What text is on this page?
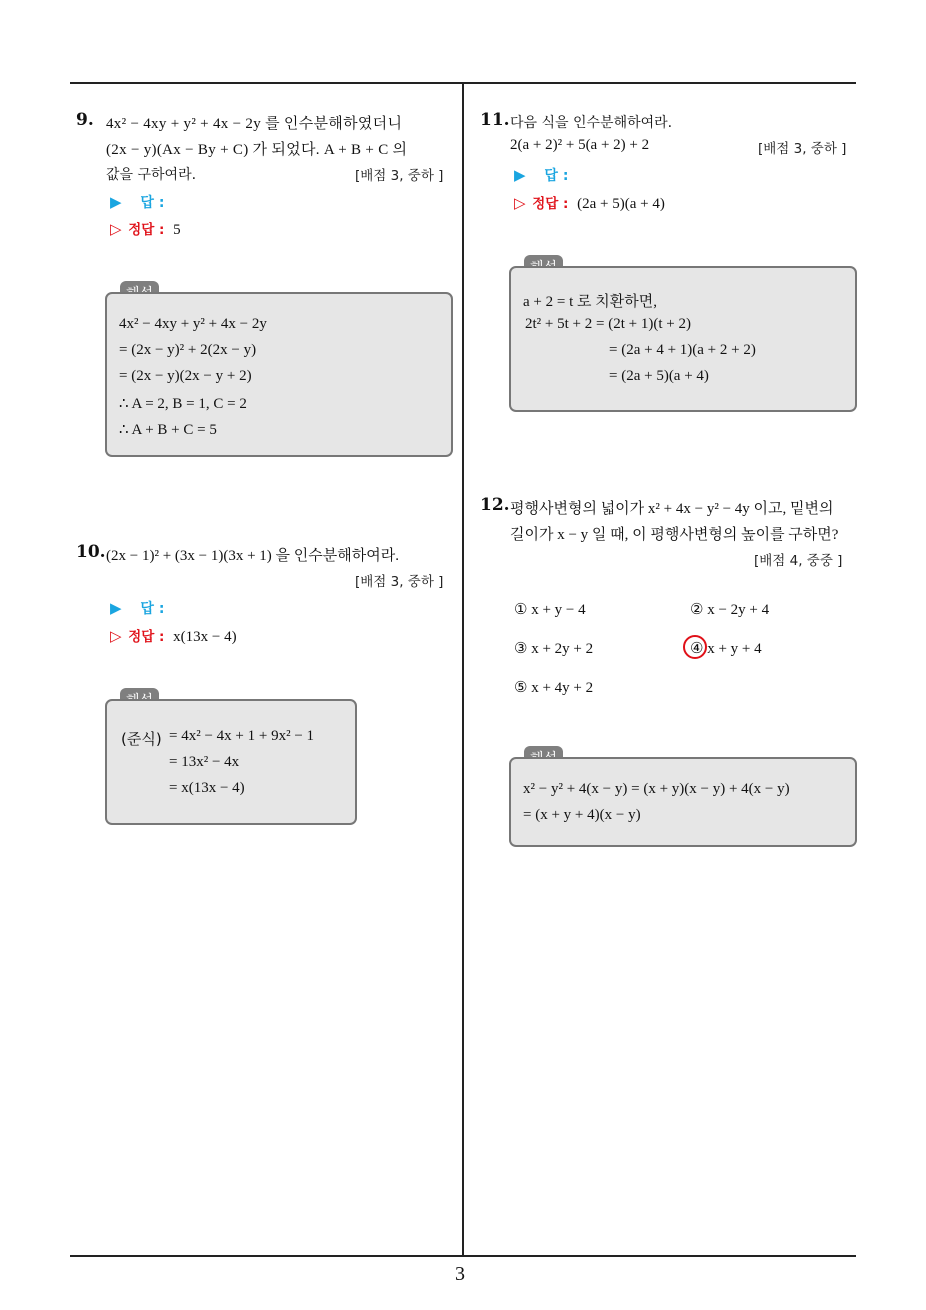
3
9. 4x² − 4xy + y² + 4x − 2y 를 인수분해하였더니
(2x − y)(Ax − By + C) 가 되었다. A + B + C 의
값을 구하여라.	[배점 3, 중하 ]
▶ 답 :
▷ 정답 : 5
4x² − 4xy + y² + 4x − 2y
= (2x − y)² + 2(2x − y)
= (2x − y)(2x − y + 2)
∴ A = 2, B = 1, C = 2
∴ A + B + C = 5
10. (2x − 1)² + (3x − 1)(3x + 1) 을 인수분해하여라.
[배점 3, 중하 ]
▶ 답 :
▷ 정답 : x(13x − 4)
(준식) = 4x² − 4x + 1 + 9x² − 1
= 13x² − 4x
= x(13x − 4)
11. 다음 식을 인수분해하여라.
2(a + 2)² + 5(a + 2) + 2	[배점 3, 중하 ]
▶ 답 :
▷ 정답 : (2a + 5)(a + 4)
a + 2 = t 로 치환하면,
2t² + 5t + 2 = (2t + 1)(t + 2)
= (2a + 4 + 1)(a + 2 + 2)
= (2a + 5)(a + 4)
12. 평행사변형의 넓이가 x² + 4x − y² − 4y 이고, 밑변의
길이가 x − y 일 때, 이 평행사변형의 높이를 구하면?
[배점 4, 중중 ]
① x + y − 4	② x − 2y + 4
③ x + 2y + 2	④ x + y + 4
⑤ x + 4y + 2
x² − y² + 4(x − y) = (x + y)(x − y) + 4(x − y)
= (x + y + 4)(x − y)
